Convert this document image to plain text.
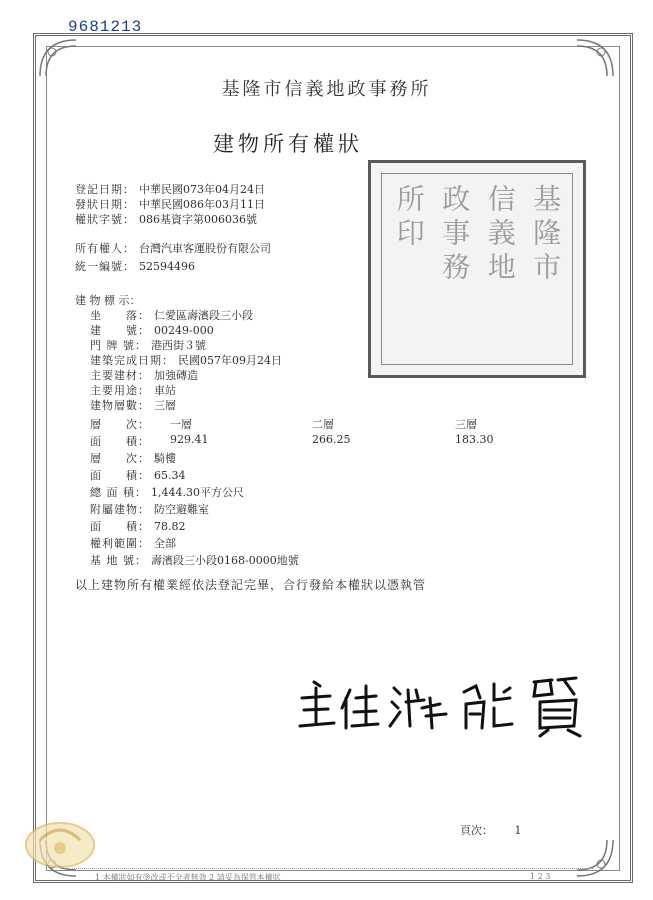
9681213
基隆市信義地政事務所
建物所有權狀
基隆市
信義地
政事務
所印
登記日期： 中華民國073年04月24日
發狀日期： 中華民國086年03月11日
權狀字號： 086基資字第006036號
所有權人： 台灣汽車客運股份有限公司
統一編號： 52594496
建 物 標 示：
坐　　落： 仁愛區壽濱段三小段
建　　號： 00249-000
門 牌 號： 港西街３號
建築完成日期： 民國057年09月24日
主要建材： 加強磚造
主要用途： 車站
建物層數： 三層
層　　次： 一層	二層	三層
面　　積： 929.41	266.25	183.30
層　　次： 騎樓
面　　積： 65.34
總 面 積： 1,444.30平方公尺
附屬建物： 防空避難室
面　　積： 78.82
權利範圍： 全部
基 地 號： 壽濱段三小段0168-0000地號
以上建物所有權業經依法登記完畢，合行發給本權狀以憑執管
頁次： 1
1 本權狀如有塗改或不全者無效 2 請妥為保管本權狀	1 2 3
